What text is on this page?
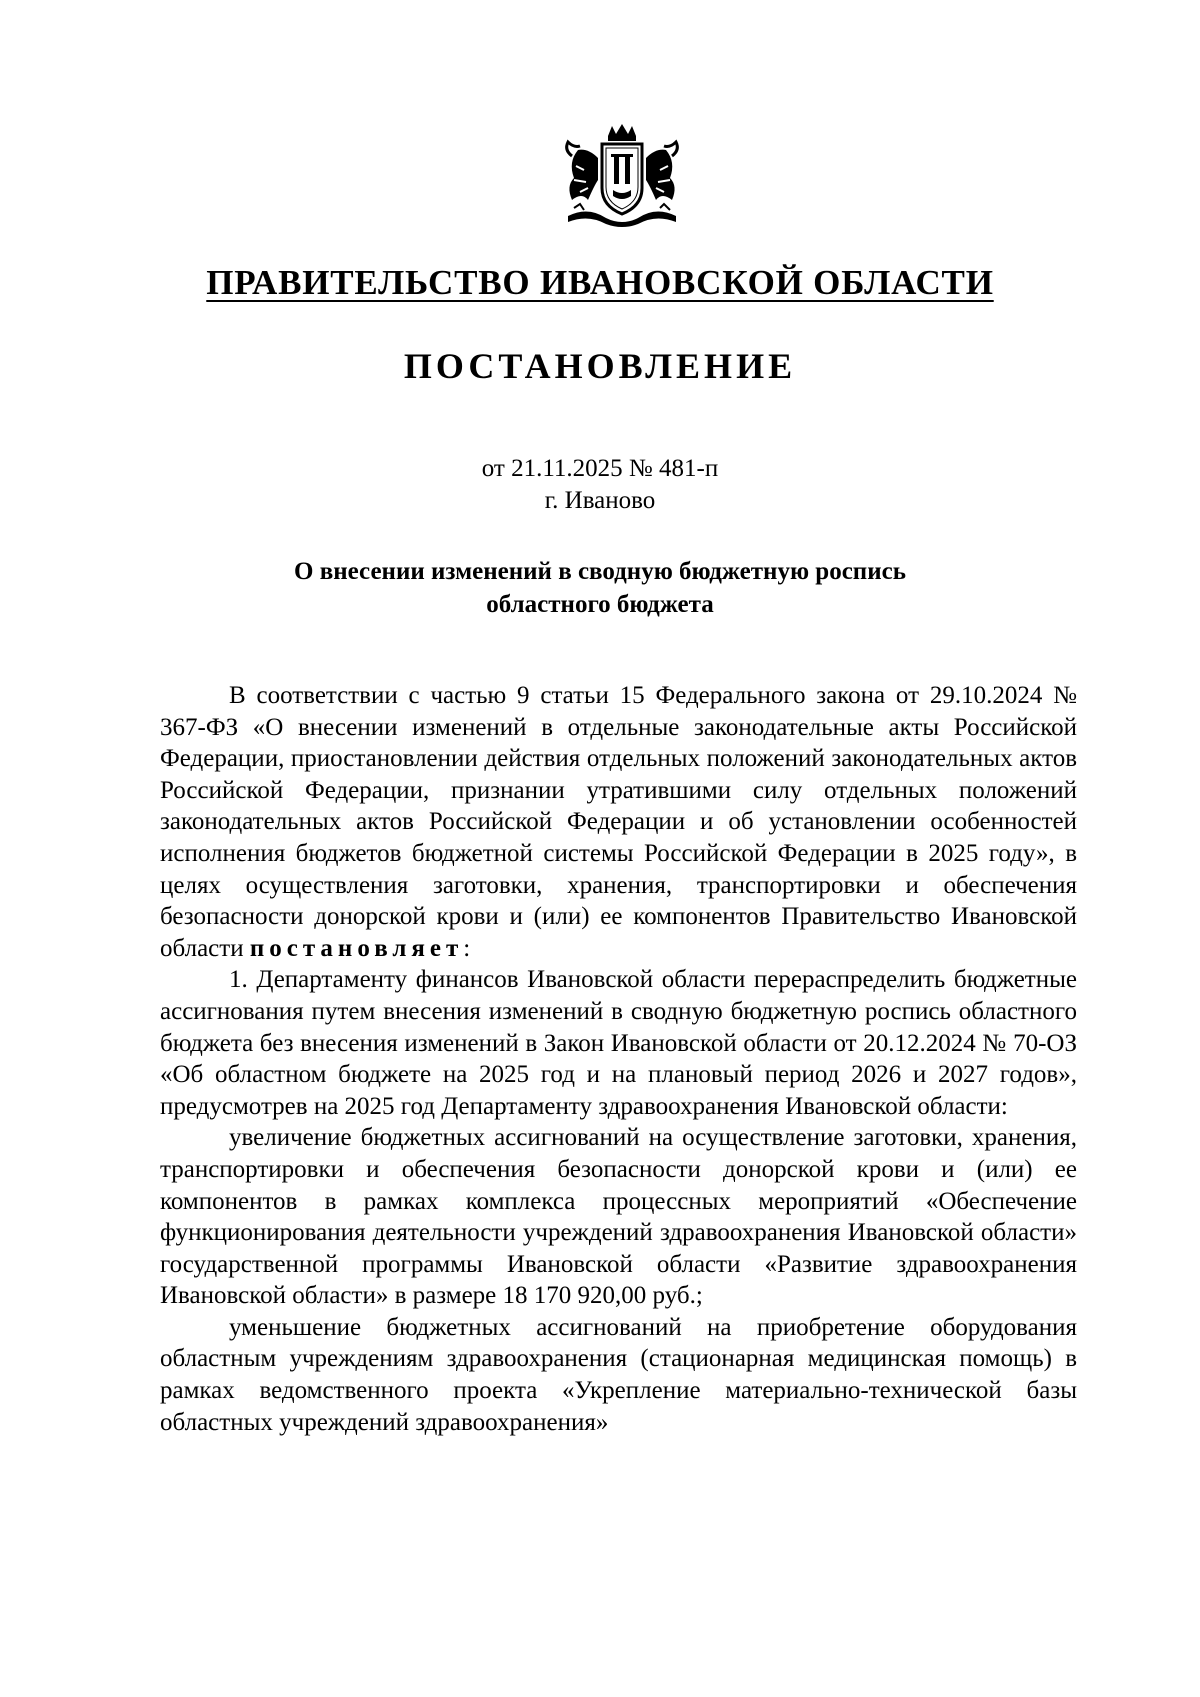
ПРАВИТЕЛЬСТВО ИВАНОВСКОЙ ОБЛАСТИ
ПОСТАНОВЛЕНИЕ
от 21.11.2025 № 481-п
г. Иваново
О внесении изменений в сводную бюджетную роспись
областного бюджета

В соответствии с частью 9 статьи 15 Федерального закона от 29.10.2024 № 367-ФЗ «О внесении изменений в отдельные законодательные акты Российской Федерации, приостановлении действия отдельных положений законодательных актов Российской Федерации, признании утратившими силу отдельных положений законодательных актов Российской Федерации и об установлении особенностей исполнения бюджетов бюджетной системы Российской Федерации в 2025 году», в целях осуществления заготовки, хранения, транспортировки и обеспечения безопасности донорской крови и (или) ее компонентов Правительство Ивановской области постановляет:

1. Департаменту финансов Ивановской области перераспределить бюджетные ассигнования путем внесения изменений в сводную бюджетную роспись областного бюджета без внесения изменений в Закон Ивановской области от 20.12.2024 № 70-ОЗ «Об областном бюджете на 2025 год и на плановый период 2026 и 2027 годов», предусмотрев на 2025 год Департаменту здравоохранения Ивановской области:

увеличение бюджетных ассигнований на осуществление заготовки, хранения, транспортировки и обеспечения безопасности донорской крови и (или) ее компонентов в рамках комплекса процессных мероприятий «Обеспечение функционирования деятельности учреждений здравоохранения Ивановской области» государственной программы Ивановской области «Развитие здравоохранения Ивановской области» в размере 18 170 920,00 руб.;

уменьшение бюджетных ассигнований на приобретение оборудования областным учреждениям здравоохранения (стационарная медицинская помощь) в рамках ведомственного проекта «Укрепление материально-технической базы областных учреждений здравоохранения»
